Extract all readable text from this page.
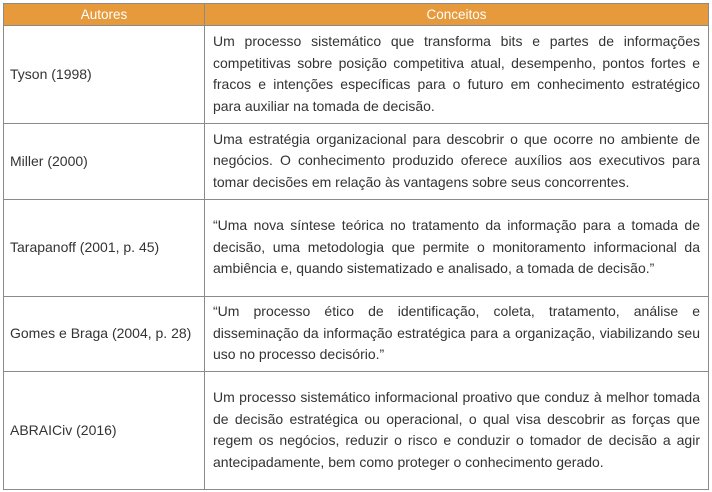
Autores	Conceitos
Tyson (1998)	Um processo sistemático que transforma bits e partes de informações competitivas sobre posição competitiva atual, desempenho, pontos fortes e fracos e intenções específicas para o futuro em conhecimento estratégico para auxiliar na tomada de decisão.
Miller (2000)	Uma estratégia organizacional para descobrir o que ocorre no ambiente de negócios. O conhecimento produzido oferece auxílios aos executivos para tomar decisões em relação às vantagens sobre seus concorrentes.
Tarapanoff (2001, p. 45)	“Uma nova síntese teórica no tratamento da informação para a tomada de decisão, uma metodologia que permite o monitoramento informacional da ambiência e, quando sistematizado e analisado, a tomada de decisão.”
Gomes e Braga (2004, p. 28)	“Um processo ético de identificação, coleta, tratamento, análise e disseminação da informação estratégica para a organização, viabilizando seu uso no processo decisório.”
ABRAICiv (2016)	Um processo sistemático informacional proativo que conduz à melhor tomada de decisão estratégica ou operacional, o qual visa descobrir as forças que regem os negócios, reduzir o risco e conduzir o tomador de decisão a agir antecipadamente, bem como proteger o conhecimento gerado.
